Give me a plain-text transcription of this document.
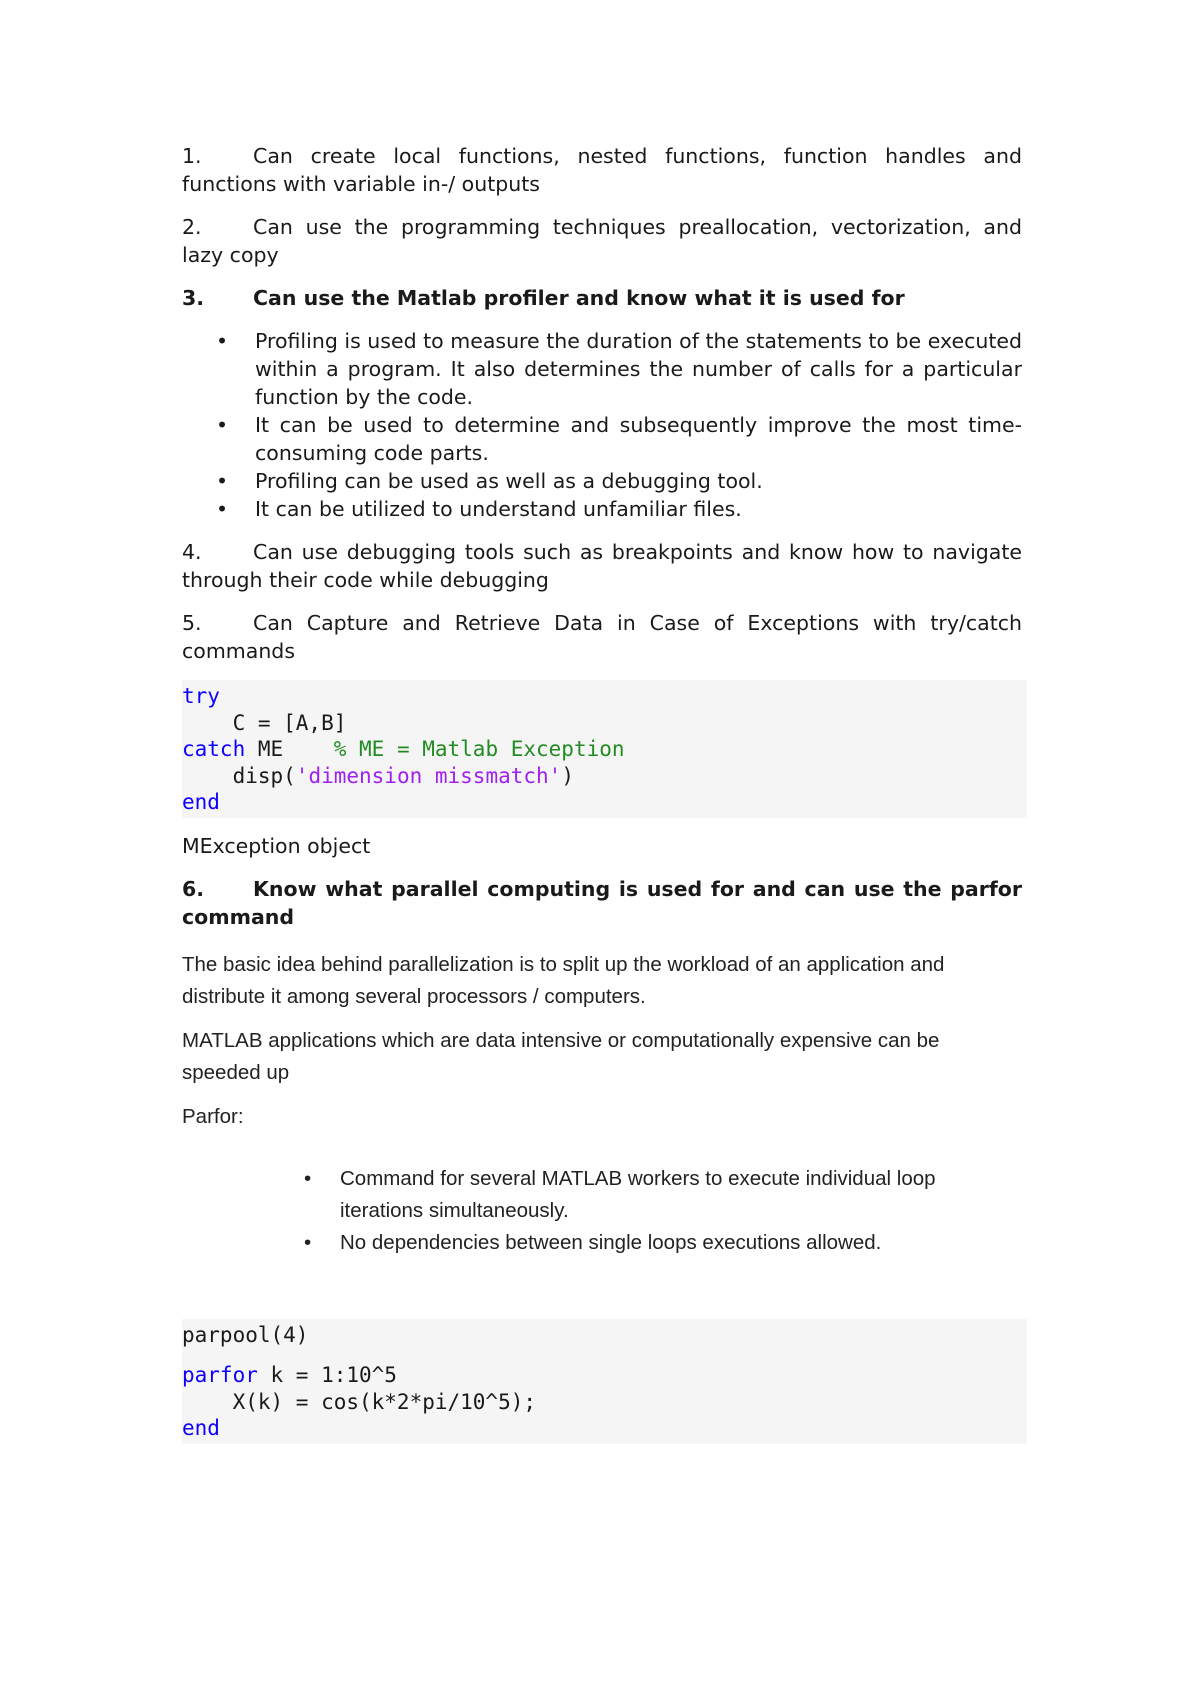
1.	Can create local functions, nested functions, function handles and functions with variable in-/ outputs

2.	Can use the programming techniques preallocation, vectorization, and lazy copy

3. Can use the Matlab profiler and know what it is used for

• Profiling is used to measure the duration of the statements to be executed within a program. It also determines the number of calls for a particular function by the code.
• It can be used to determine and subsequently improve the most time-consuming code parts.
• Profiling can be used as well as a debugging tool.
• It can be utilized to understand unfamiliar files.

4.	Can use debugging tools such as breakpoints and know how to navigate through their code while debugging

5.	Can Capture and Retrieve Data in Case of Exceptions with try/catch commands

try
C = [A,B]
catch ME    % ME = Matlab Exception
disp('dimension missmatch')
end

MException object

6. Know what parallel computing is used for and can use the parfor command

The basic idea behind parallelization is to split up the workload of an application and distribute it among several processors / computers.

MATLAB applications which are data intensive or computationally expensive can be speeded up

Parfor:

• Command for several MATLAB workers to execute individual loop iterations simultaneously.
• No dependencies between single loops executions allowed.
parpool(4)
parfor k = 1:10^5
X(k) = cos(k*2*pi/10^5);
end
